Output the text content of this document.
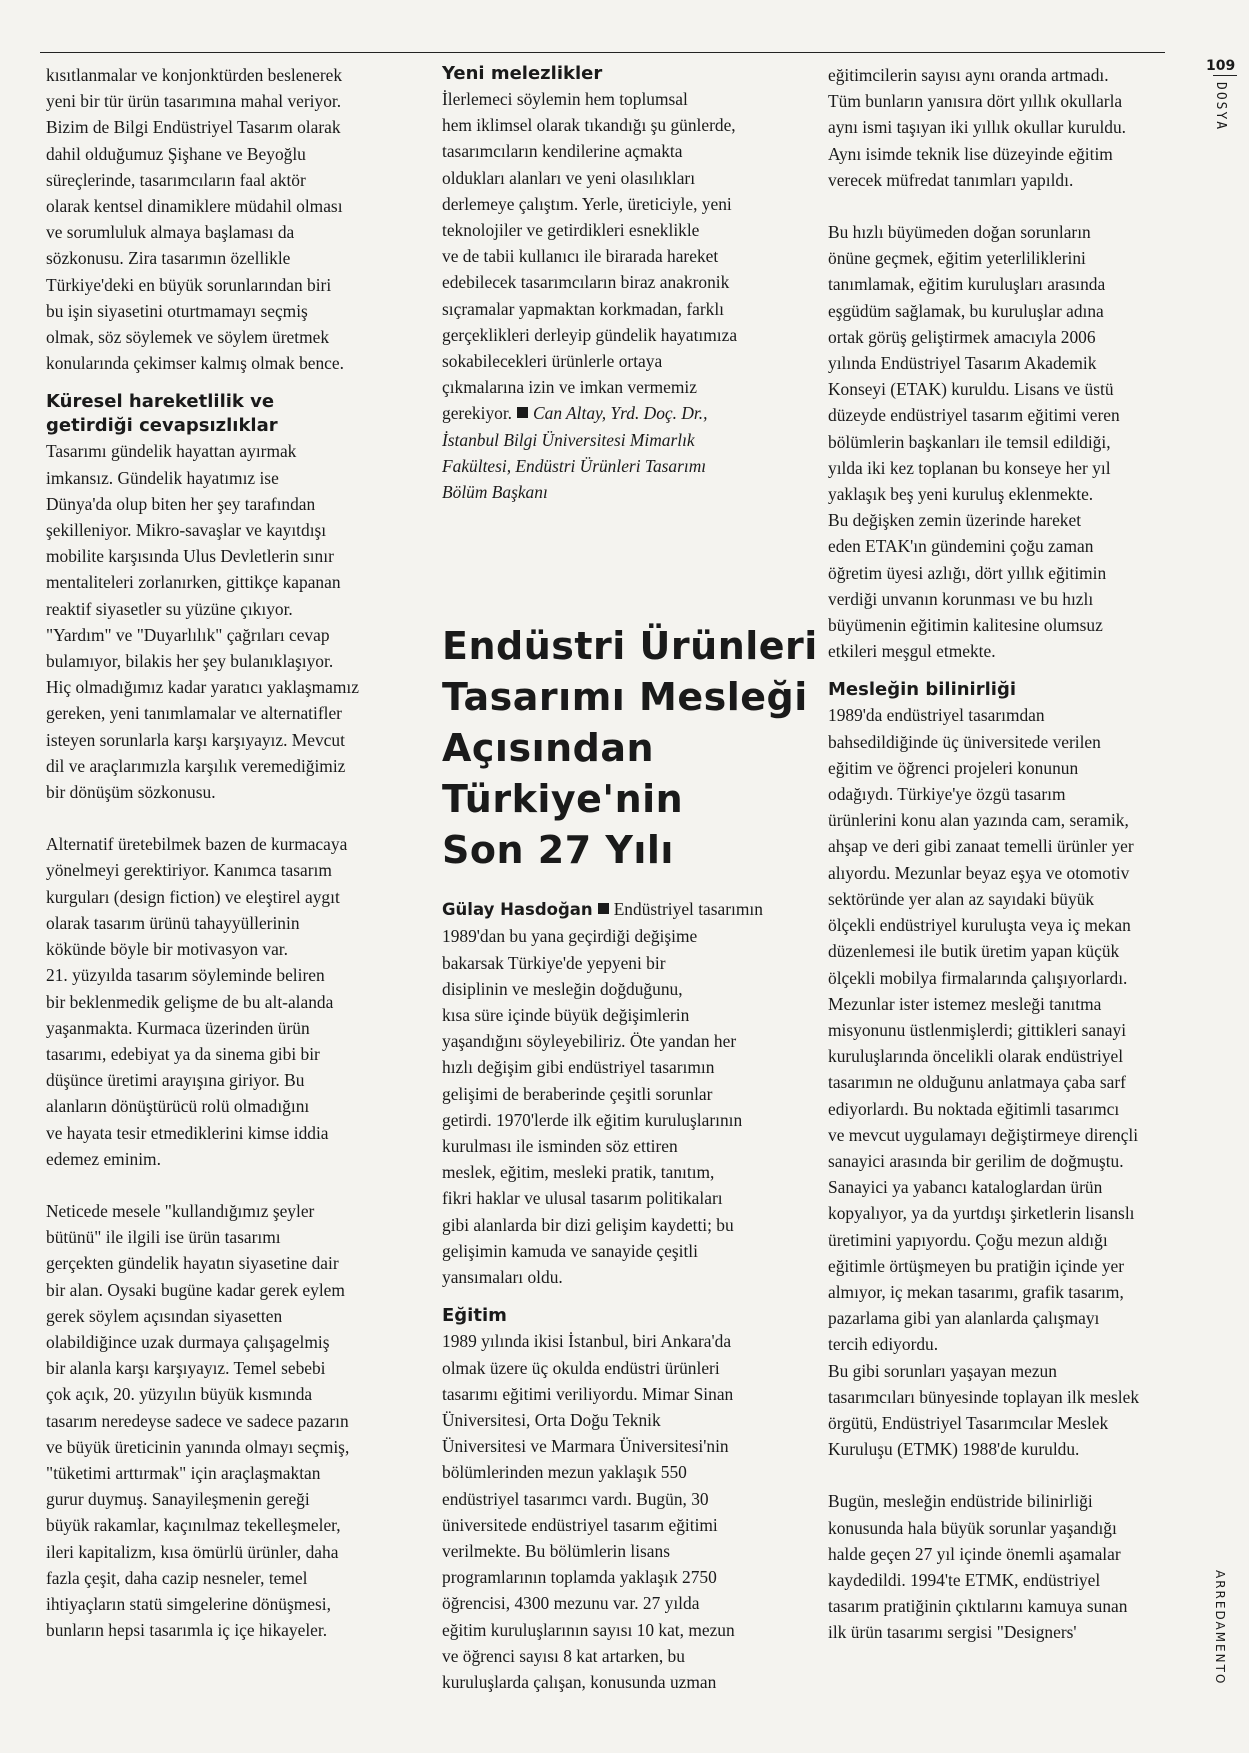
109
DOSYA
ARREDAMENTO

kısıtlanmalar ve konjonktürden beslenerek
yeni bir tür ürün tasarımına mahal veriyor.
Bizim de Bilgi Endüstriyel Tasarım olarak
dahil olduğumuz Şişhane ve Beyoğlu
süreçlerinde, tasarımcıların faal aktör
olarak kentsel dinamiklere müdahil olması
ve sorumluluk almaya başlaması da
sözkonusu. Zira tasarımın özellikle
Türkiye'deki en büyük sorunlarından biri
bu işin siyasetini oturtmamayı seçmiş
olmak, söz söylemek ve söylem üretmek
konularında çekimser kalmış olmak bence.

Küresel hareketlilik ve
getirdiği cevapsızlıklar

Tasarımı gündelik hayattan ayırmak
imkansız. Gündelik hayatımız ise
Dünya'da olup biten her şey tarafından
şekilleniyor. Mikro-savaşlar ve kayıtdışı
mobilite karşısında Ulus Devletlerin sınır
mentaliteleri zorlanırken, gittikçe kapanan
reaktif siyasetler su yüzüne çıkıyor.
"Yardım" ve "Duyarlılık" çağrıları cevap
bulamıyor, bilakis her şey bulanıklaşıyor.
Hiç olmadığımız kadar yaratıcı yaklaşmamız
gereken, yeni tanımlamalar ve alternatifler
isteyen sorunlarla karşı karşıyayız. Mevcut
dil ve araçlarımızla karşılık veremediğimiz
bir dönüşüm sözkonusu.

Alternatif üretebilmek bazen de kurmacaya
yönelmeyi gerektiriyor. Kanımca tasarım
kurguları (design fiction) ve eleştirel aygıt
olarak tasarım ürünü tahayyüllerinin
kökünde böyle bir motivasyon var.
21. yüzyılda tasarım söyleminde beliren
bir beklenmedik gelişme de bu alt-alanda
yaşanmakta. Kurmaca üzerinden ürün
tasarımı, edebiyat ya da sinema gibi bir
düşünce üretimi arayışına giriyor. Bu
alanların dönüştürücü rolü olmadığını
ve hayata tesir etmediklerini kimse iddia
edemez eminim.

Neticede mesele "kullandığımız şeyler
bütünü" ile ilgili ise ürün tasarımı
gerçekten gündelik hayatın siyasetine dair
bir alan. Oysaki bugüne kadar gerek eylem
gerek söylem açısından siyasetten
olabildiğince uzak durmaya çalışagelmiş
bir alanla karşı karşıyayız. Temel sebebi
çok açık, 20. yüzyılın büyük kısmında
tasarım neredeyse sadece ve sadece pazarın
ve büyük üreticinin yanında olmayı seçmiş,
"tüketimi arttırmak" için araçlaşmaktan
gurur duymuş. Sanayileşmenin gereği
büyük rakamlar, kaçınılmaz tekelleşmeler,
ileri kapitalizm, kısa ömürlü ürünler, daha
fazla çeşit, daha cazip nesneler, temel
ihtiyaçların statü simgelerine dönüşmesi,
bunların hepsi tasarımla iç içe hikayeler.

Yeni melezlikler

İlerlemeci söylemin hem toplumsal
hem iklimsel olarak tıkandığı şu günlerde,
tasarımcıların kendilerine açmakta
oldukları alanları ve yeni olasılıkları
derlemeye çalıştım. Yerle, üreticiyle, yeni
teknolojiler ve getirdikleri esneklikle
ve de tabii kullanıcı ile birarada hareket
edebilecek tasarımcıların biraz anakronik
sıçramalar yapmaktan korkmadan, farklı
gerçeklikleri derleyip gündelik hayatımıza
sokabilecekleri ürünlerle ortaya
çıkmalarına izin ve imkan vermemiz

gerekiyor. Can Altay, Yrd. Doç. Dr.,

İstanbul Bilgi Üniversitesi Mimarlık
Fakültesi, Endüstri Ürünleri Tasarımı
Bölüm Başkanı

Endüstri Ürünleri
Tasarımı Mesleği
Açısından
Türkiye'nin
Son 27 Yılı

Gülay Hasdoğan Endüstriyel tasarımın

1989'dan bu yana geçirdiği değişime
bakarsak Türkiye'de yepyeni bir
disiplinin ve mesleğin doğduğunu,
kısa süre içinde büyük değişimlerin
yaşandığını söyleyebiliriz. Öte yandan her
hızlı değişim gibi endüstriyel tasarımın
gelişimi de beraberinde çeşitli sorunlar
getirdi. 1970'lerde ilk eğitim kuruluşlarının
kurulması ile isminden söz ettiren
meslek, eğitim, mesleki pratik, tanıtım,
fikri haklar ve ulusal tasarım politikaları
gibi alanlarda bir dizi gelişim kaydetti; bu
gelişimin kamuda ve sanayide çeşitli
yansımaları oldu.

Eğitim

1989 yılında ikisi İstanbul, biri Ankara'da
olmak üzere üç okulda endüstri ürünleri
tasarımı eğitimi veriliyordu. Mimar Sinan
Üniversitesi, Orta Doğu Teknik
Üniversitesi ve Marmara Üniversitesi'nin
bölümlerinden mezun yaklaşık 550
endüstriyel tasarımcı vardı. Bugün, 30
üniversitede endüstriyel tasarım eğitimi
verilmekte. Bu bölümlerin lisans
programlarının toplamda yaklaşık 2750
öğrencisi, 4300 mezunu var. 27 yılda
eğitim kuruluşlarının sayısı 10 kat, mezun
ve öğrenci sayısı 8 kat artarken, bu
kuruluşlarda çalışan, konusunda uzman

eğitimcilerin sayısı aynı oranda artmadı.
Tüm bunların yanısıra dört yıllık okullarla
aynı ismi taşıyan iki yıllık okullar kuruldu.
Aynı isimde teknik lise düzeyinde eğitim
verecek müfredat tanımları yapıldı.

Bu hızlı büyümeden doğan sorunların
önüne geçmek, eğitim yeterliliklerini
tanımlamak, eğitim kuruluşları arasında
eşgüdüm sağlamak, bu kuruluşlar adına
ortak görüş geliştirmek amacıyla 2006
yılında Endüstriyel Tasarım Akademik
Konseyi (ETAK) kuruldu. Lisans ve üstü
düzeyde endüstriyel tasarım eğitimi veren
bölümlerin başkanları ile temsil edildiği,
yılda iki kez toplanan bu konseye her yıl
yaklaşık beş yeni kuruluş eklenmekte.
Bu değişken zemin üzerinde hareket
eden ETAK'ın gündemini çoğu zaman
öğretim üyesi azlığı, dört yıllık eğitimin
verdiği unvanın korunması ve bu hızlı
büyümenin eğitimin kalitesine olumsuz
etkileri meşgul etmekte.

Mesleğin bilinirliği

1989'da endüstriyel tasarımdan
bahsedildiğinde üç üniversitede verilen
eğitim ve öğrenci projeleri konunun
odağıydı. Türkiye'ye özgü tasarım
ürünlerini konu alan yazında cam, seramik,
ahşap ve deri gibi zanaat temelli ürünler yer
alıyordu. Mezunlar beyaz eşya ve otomotiv
sektöründe yer alan az sayıdaki büyük
ölçekli endüstriyel kuruluşta veya iç mekan
düzenlemesi ile butik üretim yapan küçük
ölçekli mobilya firmalarında çalışıyorlardı.
Mezunlar ister istemez mesleği tanıtma
misyonunu üstlenmişlerdi; gittikleri sanayi
kuruluşlarında öncelikli olarak endüstriyel
tasarımın ne olduğunu anlatmaya çaba sarf
ediyorlardı. Bu noktada eğitimli tasarımcı
ve mevcut uygulamayı değiştirmeye dirençli
sanayici arasında bir gerilim de doğmuştu.
Sanayici ya yabancı kataloglardan ürün
kopyalıyor, ya da yurtdışı şirketlerin lisanslı
üretimini yapıyordu. Çoğu mezun aldığı
eğitimle örtüşmeyen bu pratiğin içinde yer
almıyor, iç mekan tasarımı, grafik tasarım,
pazarlama gibi yan alanlarda çalışmayı
tercih ediyordu.
Bu gibi sorunları yaşayan mezun
tasarımcıları bünyesinde toplayan ilk meslek
örgütü, Endüstriyel Tasarımcılar Meslek
Kuruluşu (ETMK) 1988'de kuruldu.

Bugün, mesleğin endüstride bilinirliği
konusunda hala büyük sorunlar yaşandığı
halde geçen 27 yıl içinde önemli aşamalar
kaydedildi. 1994'te ETMK, endüstriyel
tasarım pratiğinin çıktılarını kamuya sunan
ilk ürün tasarımı sergisi "Designers'
